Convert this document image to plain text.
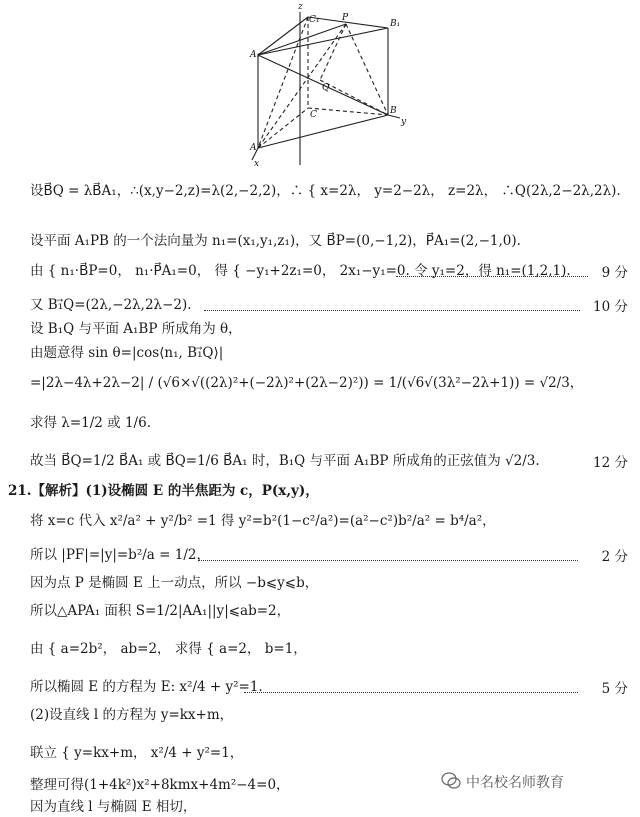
z
C₁	P
B₁
A₁
Q
C	B
y
A
x
设B⃗Q = λB⃗A₁，∴(x,y−2,z)=λ(2,−2,2)，∴ { x=2λ， y=2−2λ， z=2λ， ∴Q(2λ,2−2λ,2λ).
设平面 A₁PB 的一个法向量为 n₁=(x₁,y₁,z₁)，又 B⃗P=(0,−1,2)，P⃗A₁=(2,−1,0).
由 { n₁·B⃗P=0， n₁·P⃗A₁=0， 得 { −y₁+2z₁=0， 2x₁−y₁=0. 令 y₁=2，得 n₁=(1,2,1). 9 分
又 B₁⃗Q=(2λ,−2λ,2λ−2).	10 分
设 B₁Q 与平面 A₁BP 所成角为 θ，
由题意得 sin θ=|cos⟨n₁, B₁⃗Q⟩|
=|2λ−4λ+2λ−2| / (√6×√((2λ)²+(−2λ)²+(2λ−2)²)) = 1/(√6√(3λ²−2λ+1)) = √2/3，
求得 λ=1/2 或 1/6.
故当 B⃗Q=1/2 B⃗A₁ 或 B⃗Q=1/6 B⃗A₁ 时，B₁Q 与平面 A₁BP 所成角的正弦值为 √2/3.	12 分
21.【解析】(1)设椭圆 E 的半焦距为 c，P(x,y)，
将 x=c 代入 x²/a² + y²/b² =1 得 y²=b²(1−c²/a²)=(a²−c²)b²/a² = b⁴/a²，
所以 |PF|=|y|=b²/a = 1/2，	2 分
因为点 P 是椭圆 E 上一动点，所以 −b⩽y⩽b，
所以△APA₁ 面积 S=1/2|AA₁||y|⩽ab=2，
由 { a=2b²， ab=2， 求得 { a=2， b=1，
所以椭圆 E 的方程为 E: x²/4 + y²=1.	5 分
(2)设直线 l 的方程为 y=kx+m，
联立 { y=kx+m， x²/4 + y²=1，
整理可得(1+4k²)x²+8kmx+4m²−4=0，
因为直线 l 与椭圆 E 相切，
中名校名师教育
